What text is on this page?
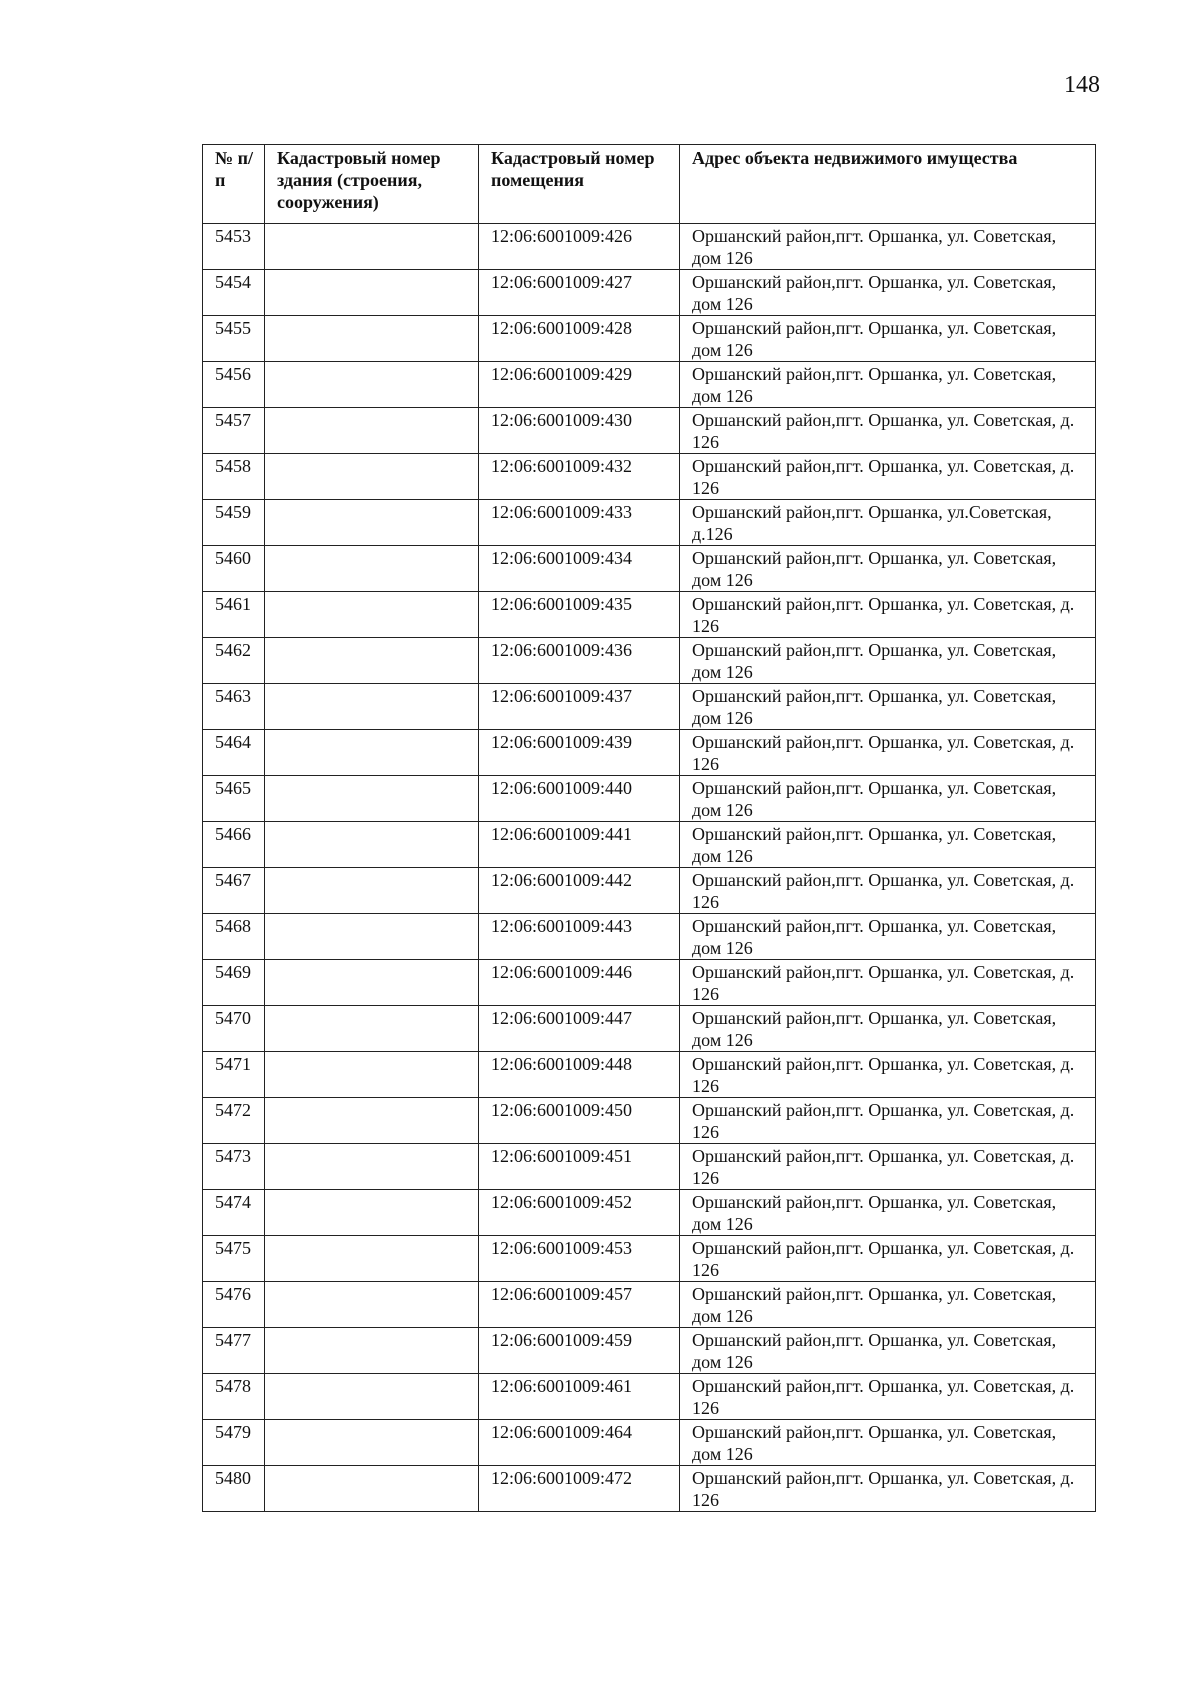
148
№ п/п	Кадастровый номер здания (строения, сооружения)	Кадастровый номер помещения	Адрес объекта недвижимого имущества
5453		12:06:6001009:426	Оршанский район,пгт. Оршанка, ул. Советская, дом 126
5454		12:06:6001009:427	Оршанский район,пгт. Оршанка, ул. Советская, дом 126
5455		12:06:6001009:428	Оршанский район,пгт. Оршанка, ул. Советская, дом 126
5456		12:06:6001009:429	Оршанский район,пгт. Оршанка, ул. Советская, дом 126
5457		12:06:6001009:430	Оршанский район,пгт. Оршанка, ул. Советская, д. 126
5458		12:06:6001009:432	Оршанский район,пгт. Оршанка, ул. Советская, д. 126
5459		12:06:6001009:433	Оршанский район,пгт. Оршанка, ул.Советская, д.126
5460		12:06:6001009:434	Оршанский район,пгт. Оршанка, ул. Советская, дом 126
5461		12:06:6001009:435	Оршанский район,пгт. Оршанка, ул. Советская, д. 126
5462		12:06:6001009:436	Оршанский район,пгт. Оршанка, ул. Советская, дом 126
5463		12:06:6001009:437	Оршанский район,пгт. Оршанка, ул. Советская, дом 126
5464		12:06:6001009:439	Оршанский район,пгт. Оршанка, ул. Советская, д. 126
5465		12:06:6001009:440	Оршанский район,пгт. Оршанка, ул. Советская, дом 126
5466		12:06:6001009:441	Оршанский район,пгт. Оршанка, ул. Советская, дом 126
5467		12:06:6001009:442	Оршанский район,пгт. Оршанка, ул. Советская, д. 126
5468		12:06:6001009:443	Оршанский район,пгт. Оршанка, ул. Советская, дом 126
5469		12:06:6001009:446	Оршанский район,пгт. Оршанка, ул. Советская, д. 126
5470		12:06:6001009:447	Оршанский район,пгт. Оршанка, ул. Советская, дом 126
5471		12:06:6001009:448	Оршанский район,пгт. Оршанка, ул. Советская, д. 126
5472		12:06:6001009:450	Оршанский район,пгт. Оршанка, ул. Советская, д. 126
5473		12:06:6001009:451	Оршанский район,пгт. Оршанка, ул. Советская, д. 126
5474		12:06:6001009:452	Оршанский район,пгт. Оршанка, ул. Советская, дом 126
5475		12:06:6001009:453	Оршанский район,пгт. Оршанка, ул. Советская, д. 126
5476		12:06:6001009:457	Оршанский район,пгт. Оршанка, ул. Советская, дом 126
5477		12:06:6001009:459	Оршанский район,пгт. Оршанка, ул. Советская, дом 126
5478		12:06:6001009:461	Оршанский район,пгт. Оршанка, ул. Советская, д. 126
5479		12:06:6001009:464	Оршанский район,пгт. Оршанка, ул. Советская, дом 126
5480		12:06:6001009:472	Оршанский район,пгт. Оршанка, ул. Советская, д. 126
